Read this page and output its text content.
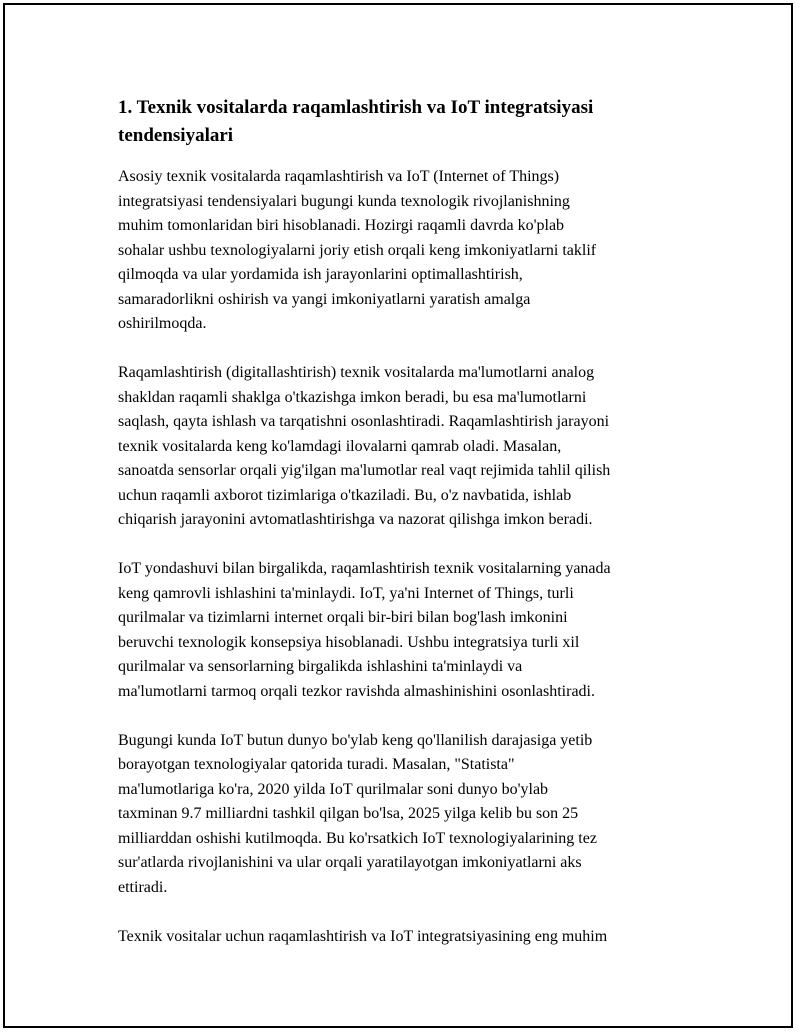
1. Texnik vositalarda raqamlashtirish va IoT integratsiyasi
tendensiyalari

Asosiy texnik vositalarda raqamlashtirish va IoT (Internet of Things)
integratsiyasi tendensiyalari bugungi kunda texnologik rivojlanishning
muhim tomonlaridan biri hisoblanadi. Hozirgi raqamli davrda ko'plab
sohalar ushbu texnologiyalarni joriy etish orqali keng imkoniyatlarni taklif
qilmoqda va ular yordamida ish jarayonlarini optimallashtirish,
samaradorlikni oshirish va yangi imkoniyatlarni yaratish amalga
oshirilmoqda.

Raqamlashtirish (digitallashtirish) texnik vositalarda ma'lumotlarni analog
shakldan raqamli shaklga o'tkazishga imkon beradi, bu esa ma'lumotlarni
saqlash, qayta ishlash va tarqatishni osonlashtiradi. Raqamlashtirish jarayoni
texnik vositalarda keng ko'lamdagi ilovalarni qamrab oladi. Masalan,
sanoatda sensorlar orqali yig'ilgan ma'lumotlar real vaqt rejimida tahlil qilish
uchun raqamli axborot tizimlariga o'tkaziladi. Bu, o'z navbatida, ishlab
chiqarish jarayonini avtomatlashtirishga va nazorat qilishga imkon beradi.

IoT yondashuvi bilan birgalikda, raqamlashtirish texnik vositalarning yanada
keng qamrovli ishlashini ta'minlaydi. IoT, ya'ni Internet of Things, turli
qurilmalar va tizimlarni internet orqali bir-biri bilan bog'lash imkonini
beruvchi texnologik konsepsiya hisoblanadi. Ushbu integratsiya turli xil
qurilmalar va sensorlarning birgalikda ishlashini ta'minlaydi va
ma'lumotlarni tarmoq orqali tezkor ravishda almashinishini osonlashtiradi.

Bugungi kunda IoT butun dunyo bo'ylab keng qo'llanilish darajasiga yetib
borayotgan texnologiyalar qatorida turadi. Masalan, "Statista"
ma'lumotlariga ko'ra, 2020 yilda IoT qurilmalar soni dunyo bo'ylab
taxminan 9.7 milliardni tashkil qilgan bo'lsa, 2025 yilga kelib bu son 25
milliarddan oshishi kutilmoqda. Bu ko'rsatkich IoT texnologiyalarining tez
sur'atlarda rivojlanishini va ular orqali yaratilayotgan imkoniyatlarni aks
ettiradi.

Texnik vositalar uchun raqamlashtirish va IoT integratsiyasining eng muhim
